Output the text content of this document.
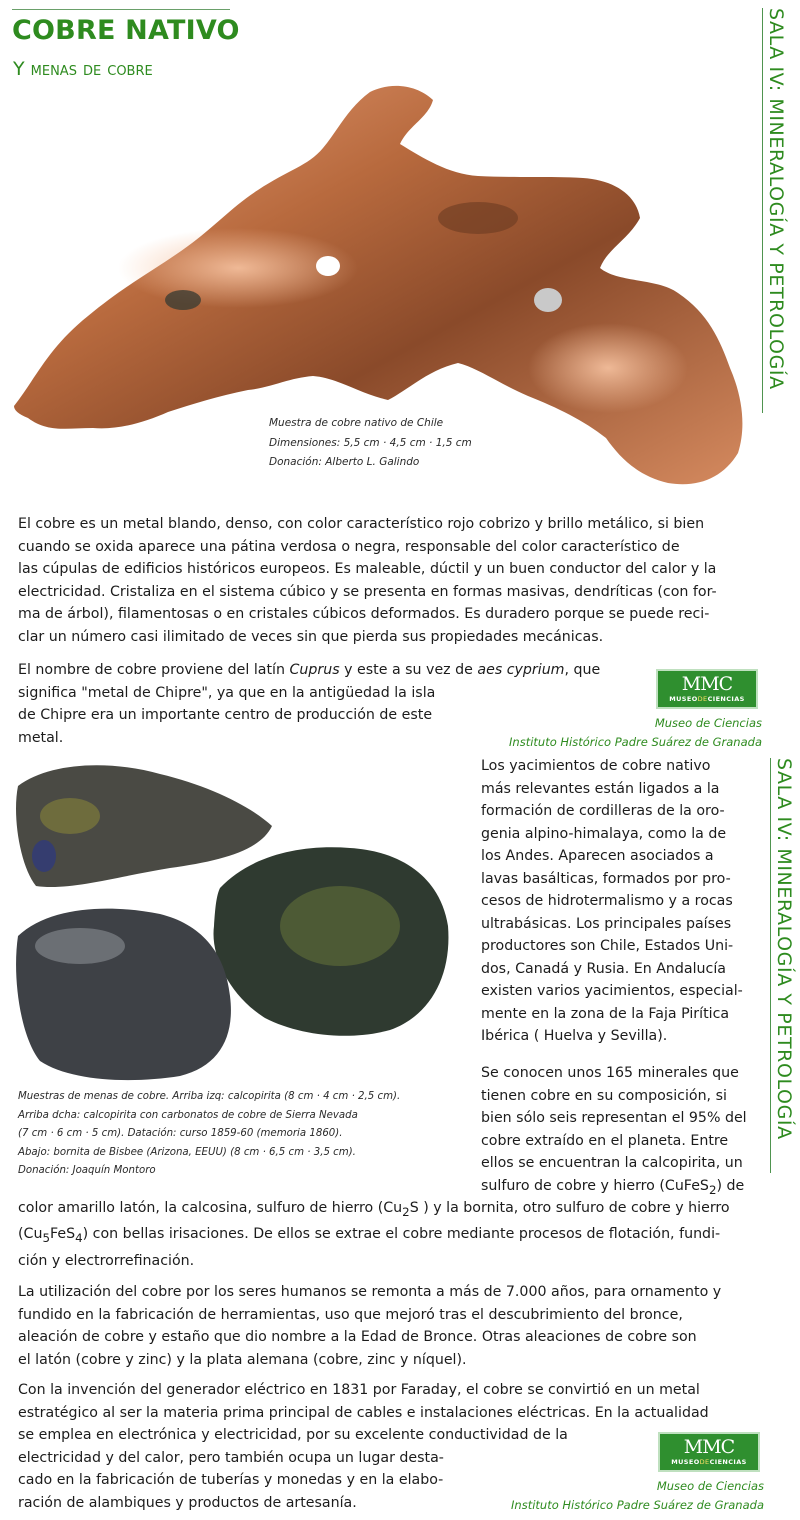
COBRE NATIVO
Y menas de cobre	SALA IV: MINERALOGÍA Y PETROLOGÍA
SALA IV: MINERALOGÍA Y PETROLOGÍA
Muestra de cobre nativo de Chile
Dimensiones: 5,5 cm · 4,5 cm · 1,5 cm
Donación: Alberto L. Galindo
El cobre es un metal blando, denso, con color característico rojo cobrizo y brillo metálico, si bien
cuando se oxida aparece una pátina verdosa o negra, responsable del color característico de
las cúpulas de edificios históricos europeos. Es maleable, dúctil y un buen conductor del calor y la
electricidad. Cristaliza en el sistema cúbico y se presenta en formas masivas, dendríticas (con for-
ma de árbol), filamentosas o en cristales cúbicos deformados. Es duradero porque se puede reci-
clar un número casi ilimitado de veces sin que pierda sus propiedades mecánicas.
El nombre de cobre proviene del latín Cuprus y este a su vez de aes cyprium, que
significa "metal de Chipre", ya que en la antigüedad la isla
de Chipre era un importante centro de producción de este
metal.
MMC
MUSEODECIENCIAS
Museo de Ciencias
Instituto Histórico Padre Suárez de Granada
Muestras de menas de cobre. Arriba izq: calcopirita (8 cm · 4 cm · 2,5 cm).
Arriba dcha: calcopirita con carbonatos de cobre de Sierra Nevada
(7 cm · 6 cm · 5 cm). Datación: curso 1859-60 (memoria 1860).
Abajo: bornita de Bisbee (Arizona, EEUU) (8 cm · 6,5 cm · 3,5 cm).
Donación: Joaquín Montoro
Los yacimientos de cobre nativo
más relevantes están ligados a la
formación de cordilleras de la oro-
genia alpino-himalaya, como la de
los Andes. Aparecen asociados a
lavas basálticas, formados por pro-
cesos de hidrotermalismo y a rocas
ultrabásicas. Los principales países
productores son Chile, Estados Uni-
dos, Canadá y Rusia. En Andalucía
existen varios yacimientos, especial-
mente en la zona de la Faja Pirítica
Ibérica ( Huelva y Sevilla).
Se conocen unos 165 minerales que
tienen cobre en su composición, si
bien sólo seis representan el 95% del
cobre extraído en el planeta. Entre
ellos se encuentran la calcopirita, un
sulfuro de cobre y hierro (CuFeS$_2$) de
color amarillo latón, la calcosina, sulfuro de hierro ($Cu_2S$ ) y la bornita, otro sulfuro de cobre y hierro
$(Cu_5FeS_4)$ con bellas irisaciones. De ellos se extrae el cobre mediante procesos de flotación, fundi-
ción y electrorrefinación.
La utilización del cobre por los seres humanos se remonta a más de 7.000 años, para ornamento y
fundido en la fabricación de herramientas, uso que mejoró tras el descubrimiento del bronce,
aleación de cobre y estaño que dio nombre a la Edad de Bronce. Otras aleaciones de cobre son
el latón (cobre y zinc) y la plata alemana (cobre, zinc y níquel).
Con la invención del generador eléctrico en 1831 por Faraday, el cobre se convirtió en un metal
estratégico al ser la materia prima principal de cables e instalaciones eléctricas. En la actualidad
se emplea en electrónica y electricidad, por su excelente conductividad de la
electricidad y del calor, pero también ocupa un lugar desta-
cado en la fabricación de tuberías y monedas y en la elabo-
ración de alambiques y productos de artesanía.
MMC
MUSEODECIENCIAS
Museo de Ciencias
Instituto Histórico Padre Suárez de Granada
